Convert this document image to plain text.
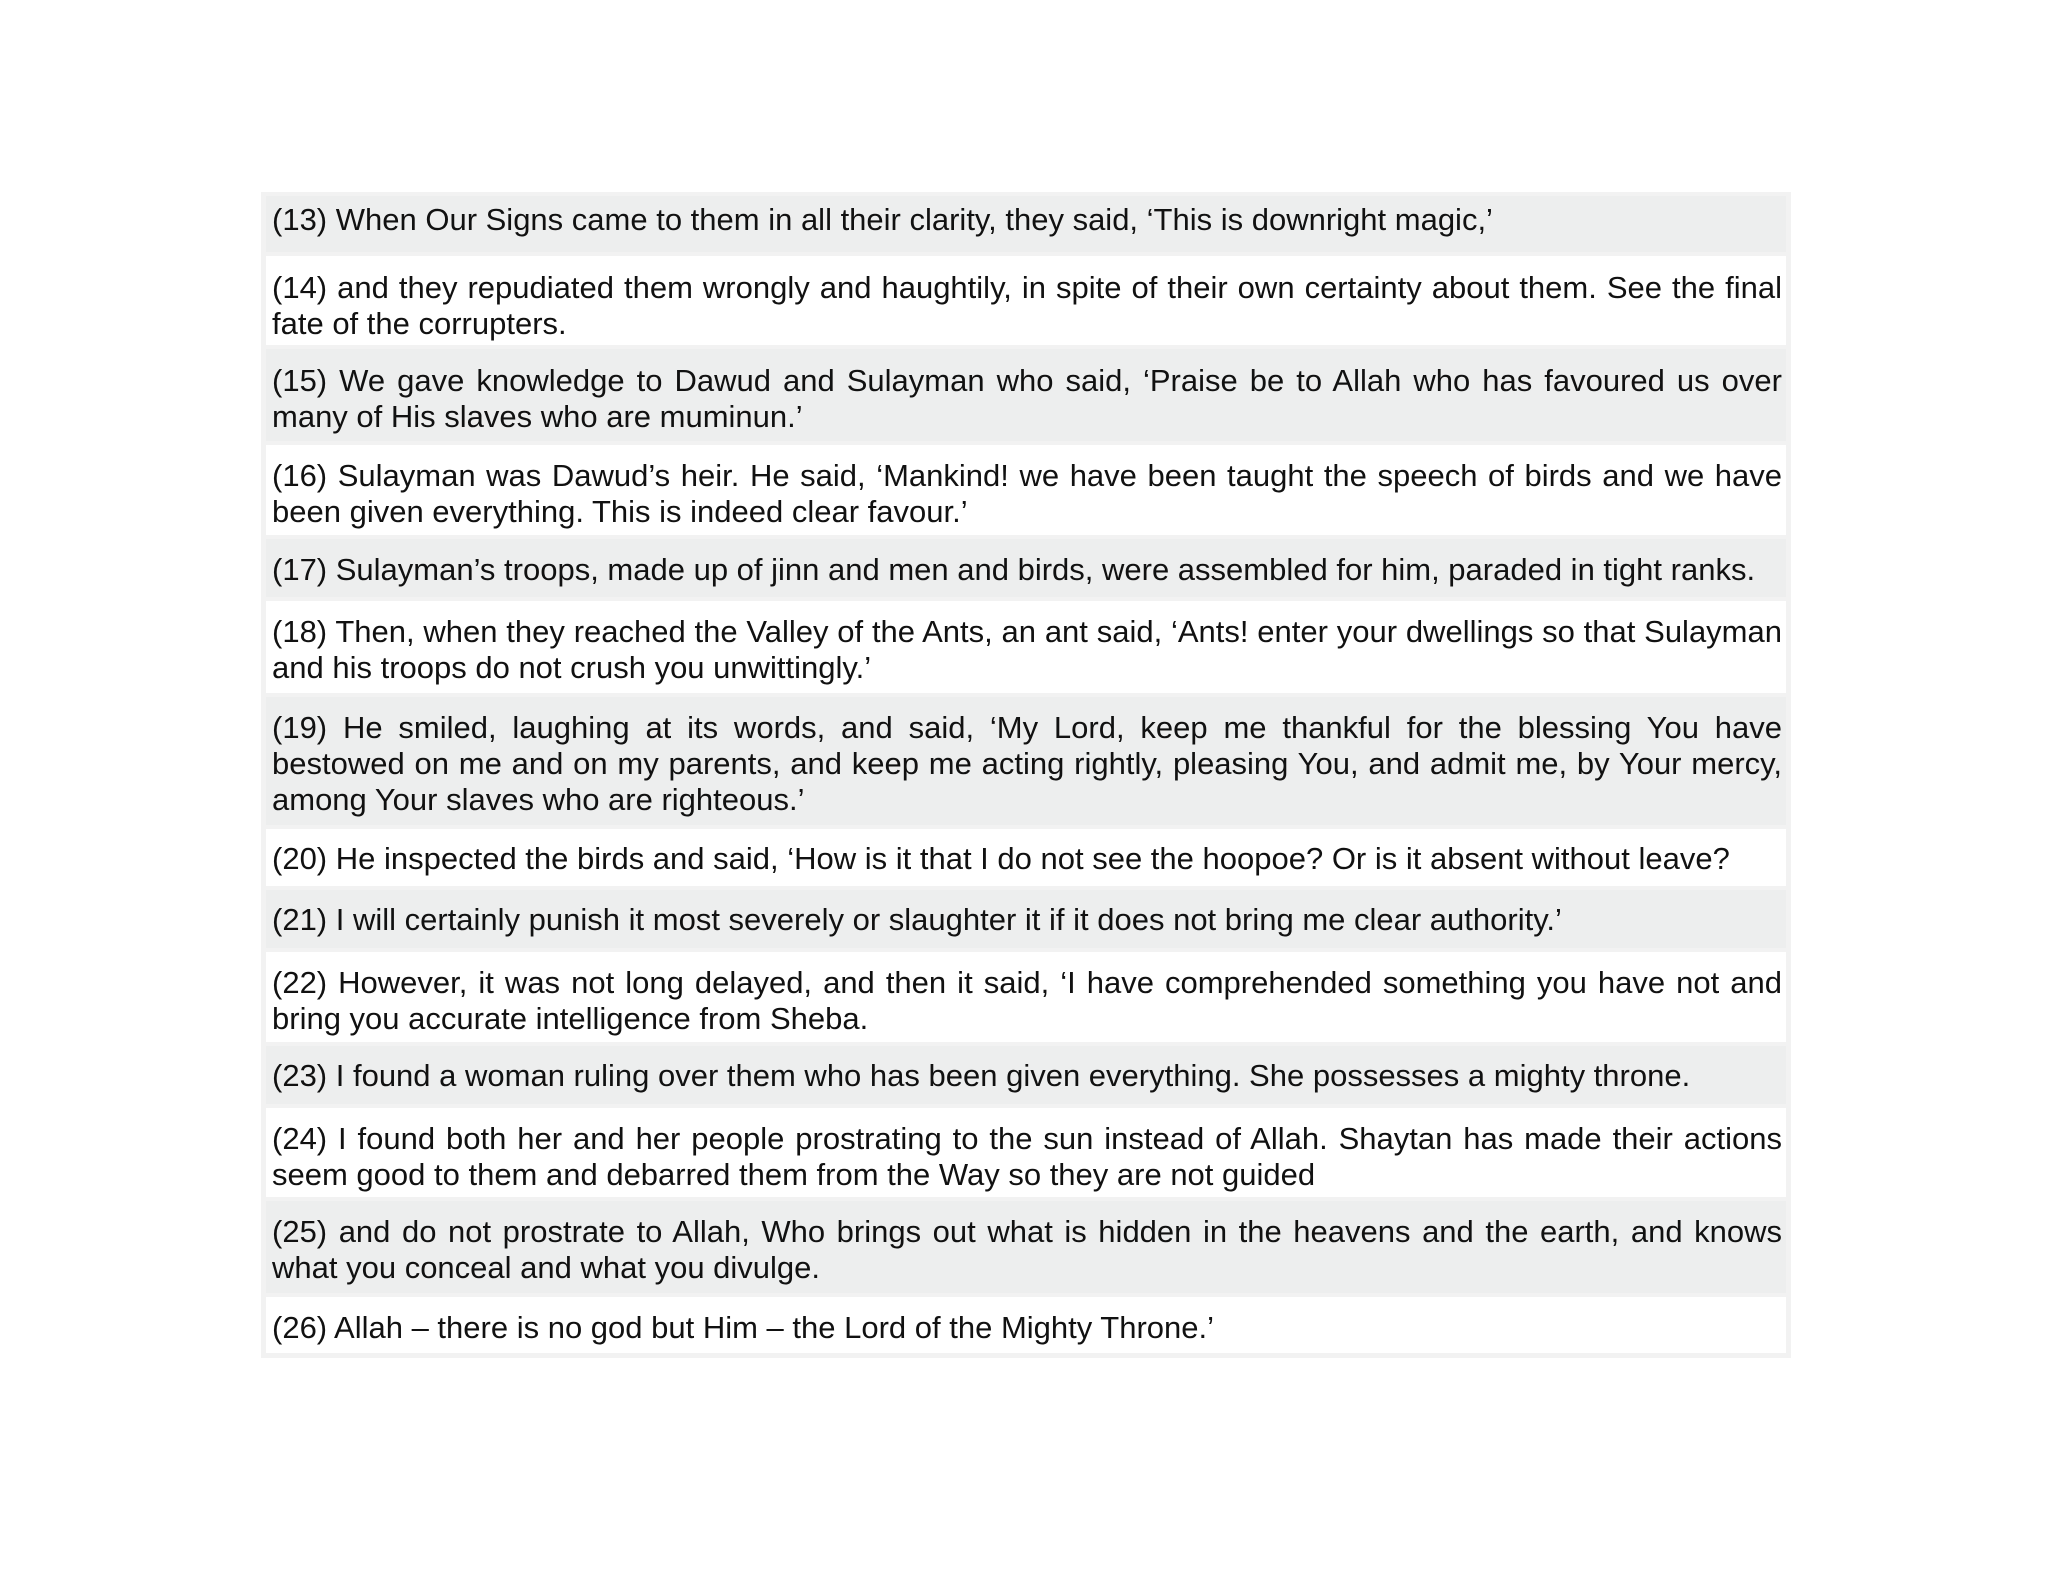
(13) When Our Signs came to them in all their clarity, they said, ‘This is downright magic,’

(14) and they repudiated them wrongly and haughtily, in spite of their own certainty about them. See the final fate of the corrupters.

(15) We gave knowledge to Dawud and Sulayman who said, ‘Praise be to Allah who has favoured us over many of His slaves who are muminun.’

(16) Sulayman was Dawud’s heir. He said, ‘Mankind! we have been taught the speech of birds and we have been given everything. This is indeed clear favour.’

(17) Sulayman’s troops, made up of jinn and men and birds, were assembled for him, paraded in tight ranks.

(18) Then, when they reached the Valley of the Ants, an ant said, ‘Ants! enter your dwellings so that Sulayman and his troops do not crush you unwittingly.’

(19) He smiled, laughing at its words, and said, ‘My Lord, keep me thankful for the blessing You have bestowed on me and on my parents, and keep me acting rightly, pleasing You, and admit me, by Your mercy, among Your slaves who are righteous.’

(20) He inspected the birds and said, ‘How is it that I do not see the hoopoe? Or is it absent without leave?

(21) I will certainly punish it most severely or slaughter it if it does not bring me clear authority.’

(22) However, it was not long delayed, and then it said, ‘I have comprehended something you have not and bring you accurate intelligence from Sheba.

(23) I found a woman ruling over them who has been given everything. She possesses a mighty throne.

(24) I found both her and her people prostrating to the sun instead of Allah. Shaytan has made their actions seem good to them and debarred them from the Way so they are not guided

(25) and do not prostrate to Allah, Who brings out what is hidden in the heavens and the earth, and knows what you conceal and what you divulge.

(26) Allah – there is no god but Him – the Lord of the Mighty Throne.’
